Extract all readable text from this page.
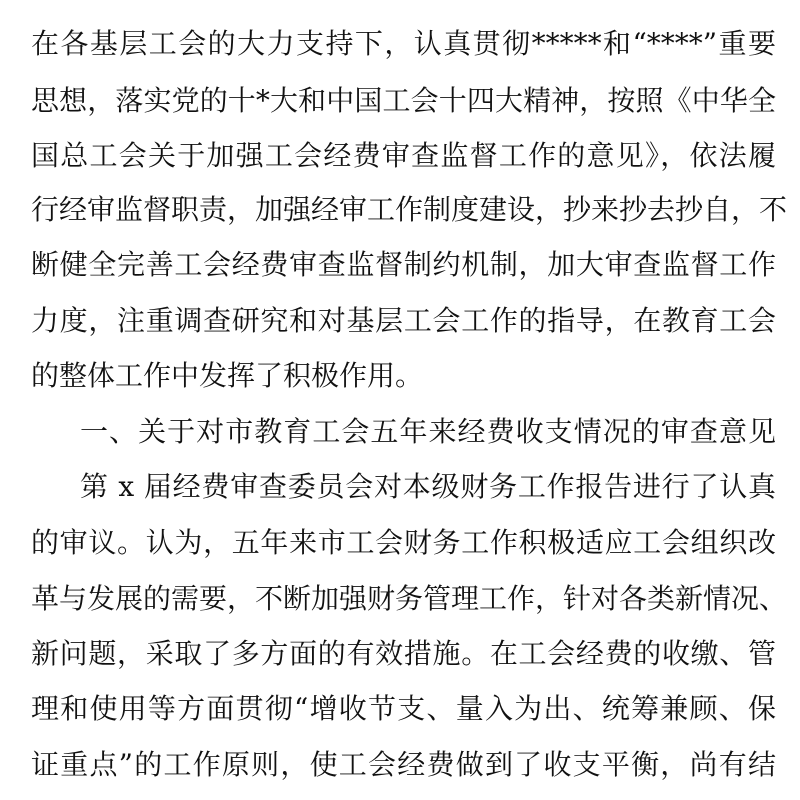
在各基层工会的大力支持下，认真贯彻*****和“****”重要
思想，落实党的十*大和中国工会十四大精神，按照《中华全
国总工会关于加强工会经费审查监督工作的意见》，依法履
行经审监督职责，加强经审工作制度建设，抄来抄去抄自，不
断健全完善工会经费审查监督制约机制，加大审查监督工作
力度，注重调查研究和对基层工会工作的指导，在教育工会
的整体工作中发挥了积极作用。
一、关于对市教育工会五年来经费收支情况的审查意见
第 x 届经费审查委员会对本级财务工作报告进行了认真
的审议。认为，五年来市工会财务工作积极适应工会组织改
革与发展的需要，不断加强财务管理工作，针对各类新情况、
新问题，采取了多方面的有效措施。在工会经费的收缴、管
理和使用等方面贯彻“增收节支、量入为出、统筹兼顾、保
证重点”的工作原则，使工会经费做到了收支平衡，尚有结
